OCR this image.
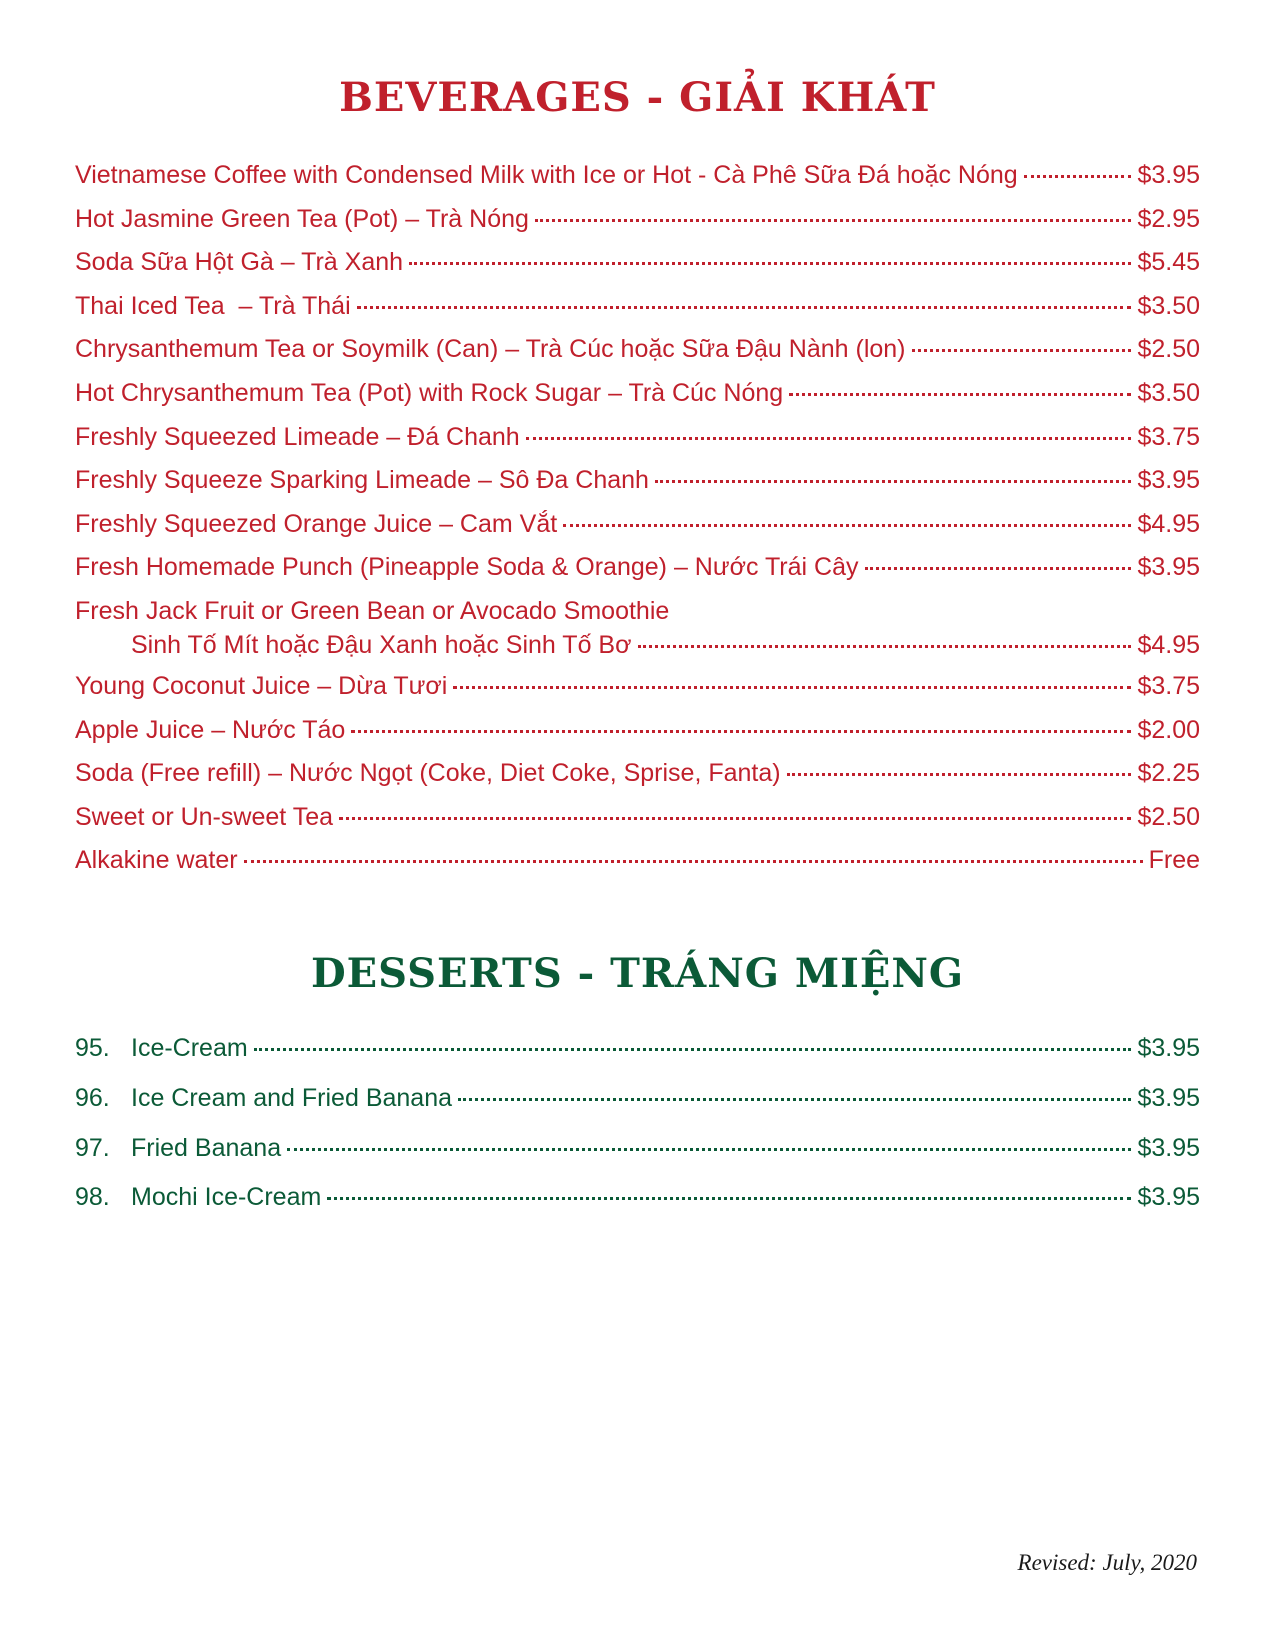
BEVERAGES - GIẢI KHÁT
Vietnamese Coffee with Condensed Milk with Ice or Hot - Cà Phê Sữa Đá hoặc Nóng	$3.95
Hot Jasmine Green Tea (Pot) – Trà Nóng	$2.95
Soda Sữa Hột Gà – Trà Xanh	$5.45
Thai Iced Tea  – Trà Thái	$3.50
Chrysanthemum Tea or Soymilk (Can) – Trà Cúc hoặc Sữa Đậu Nành (lon)	$2.50
Hot Chrysanthemum Tea (Pot) with Rock Sugar – Trà Cúc Nóng	$3.50
Freshly Squeezed Limeade – Đá Chanh	$3.75
Freshly Squeeze Sparking Limeade – Sô Đa Chanh	$3.95
Freshly Squeezed Orange Juice – Cam Vắt	$4.95
Fresh Homemade Punch (Pineapple Soda & Orange) – Nước Trái Cây	$3.95
Fresh Jack Fruit or Green Bean or Avocado Smoothie
Sinh Tố Mít hoặc Đậu Xanh hoặc Sinh Tố Bơ	$4.95
Young Coconut Juice – Dừa Tươi	$3.75
Apple Juice – Nước Táo	$2.00
Soda (Free refill) – Nước Ngọt (Coke, Diet Coke, Sprise, Fanta)	$2.25
Sweet or Un-sweet Tea	$2.50
Alkakine water	Free
DESSERTS - TRÁNG MIỆNG
95. Ice-Cream	$3.95
96. Ice Cream and Fried Banana	$3.95
97. Fried Banana	$3.95
98. Mochi Ice-Cream	$3.95
Revised: July, 2020
